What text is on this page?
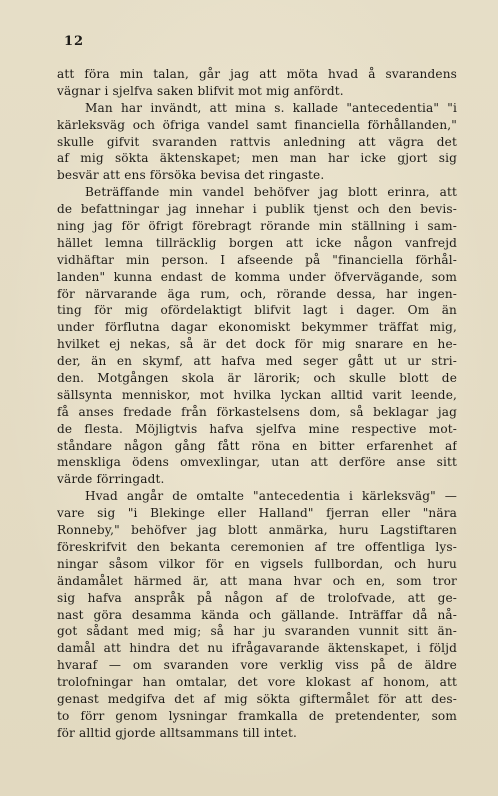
12
att föra min talan, går jag att möta hvad å svarandens
vägnar i sjelfva saken blifvit mot mig anfördt.
Man har invändt, att mina s. kallade "antecedentia" "i
kärleksväg och öfriga vandel samt financiella förhållanden,"
skulle gifvit svaranden rattvis anledning att vägra det
af mig sökta äktenskapet; men man har icke gjort sig
besvär att ens försöka bevisa det ringaste.
Beträffande min vandel behöfver jag blott erinra, att
de befattningar jag innehar i publik tjenst och den bevis-
ning jag för öfrigt förebragt rörande min ställning i sam-
hället lemna tillräcklig borgen att icke någon vanfrejd
vidhäftar min person. I afseende på "financiella förhål-
landen" kunna endast de komma under öfvervägande, som
för närvarande äga rum, och, rörande dessa, har ingen-
ting för mig ofördelaktigt blifvit lagt i dager. Om än
under förflutna dagar ekonomiskt bekymmer träffat mig,
hvilket ej nekas, så är det dock för mig snarare en he-
der, än en skymf, att hafva med seger gått ut ur stri-
den. Motgången skola är lärorik; och skulle blott de
sällsynta menniskor, mot hvilka lyckan alltid varit leende,
få anses fredade från förkastelsens dom, så beklagar jag
de flesta. Möjligtvis hafva sjelfva mine respective mot-
ståndare någon gång fått röna en bitter erfarenhet af
menskliga ödens omvexlingar, utan att derföre anse sitt
värde förringadt.
Hvad angår de omtalte "antecedentia i kärleksväg" —
vare sig "i Blekinge eller Halland" fjerran eller "nära
Ronneby," behöfver jag blott anmärka, huru Lagstiftaren
föreskrifvit den bekanta ceremonien af tre offentliga lys-
ningar såsom vilkor för en vigsels fullbordan, och huru
ändamålet härmed är, att mana hvar och en, som tror
sig hafva anspråk på någon af de trolofvade, att ge-
nast göra desamma kända och gällande. Inträffar då nå-
got sådant med mig; så har ju svaranden vunnit sitt än-
damål att hindra det nu ifrågavarande äktenskapet, i följd
hvaraf — om svaranden vore verklig viss på de äldre
trolofningar han omtalar, det vore klokast af honom, att
genast medgifva det af mig sökta giftermålet för att des-
to förr genom lysningar framkalla de pretendenter, som
för alltid gjorde alltsammans till intet.
